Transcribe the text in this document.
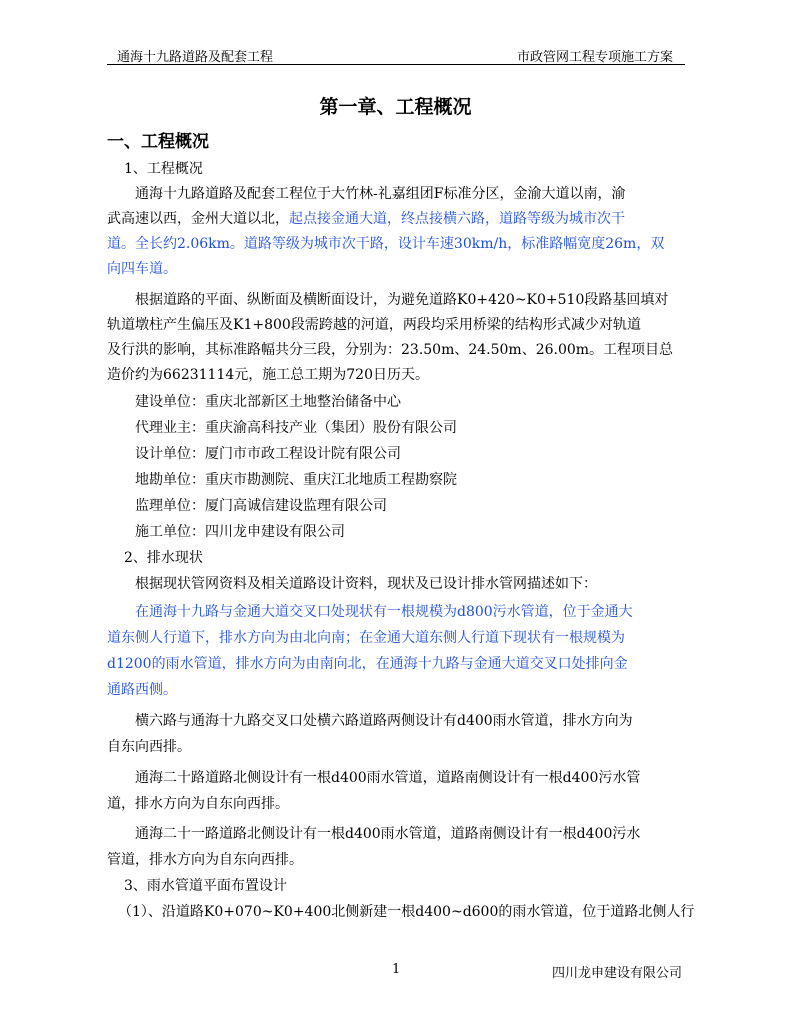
通海十九路道路及配套工程	市政管网工程专项施工方案
第一章、工程概况
一、工程概况
1、工程概况
通海十九路道路及配套工程位于大竹林-礼嘉组团F标准分区，金渝大道以南，渝
武高速以西，金州大道以北，起点接金通大道，终点接横六路，道路等级为城市次干
道。全长约2.06km。道路等级为城市次干路，设计车速30km/h，标准路幅宽度26m，双
向四车道。
根据道路的平面、纵断面及横断面设计，为避免道路K0+420~K0+510段路基回填对
轨道墩柱产生偏压及K1+800段需跨越的河道，两段均采用桥梁的结构形式减少对轨道
及行洪的影响，其标准路幅共分三段，分别为：23.50m、24.50m、26.00m。工程项目总
造价约为66231114元，施工总工期为720日历天。
建设单位：重庆北部新区土地整治储备中心
代理业主：重庆渝高科技产业（集团）股份有限公司
设计单位：厦门市市政工程设计院有限公司
地勘单位：重庆市勘测院、重庆江北地质工程勘察院
监理单位：厦门高诚信建设监理有限公司
施工单位：四川龙申建设有限公司
2、排水现状
根据现状管网资料及相关道路设计资料，现状及已设计排水管网描述如下：
在通海十九路与金通大道交叉口处现状有一根规模为d800污水管道，位于金通大
道东侧人行道下，排水方向为由北向南；在金通大道东侧人行道下现状有一根规模为
d1200的雨水管道，排水方向为由南向北，在通海十九路与金通大道交叉口处排向金
通路西侧。
横六路与通海十九路交叉口处横六路道路两侧设计有d400雨水管道，排水方向为
自东向西排。
通海二十路道路北侧设计有一根d400雨水管道，道路南侧设计有一根d400污水管
道，排水方向为自东向西排。
通海二十一路道路北侧设计有一根d400雨水管道，道路南侧设计有一根d400污水
管道，排水方向为自东向西排。
3、雨水管道平面布置设计
（1）、沿道路K0+070~K0+400北侧新建一根d400~d600的雨水管道，位于道路北侧人行
1	四川龙申建设有限公司
